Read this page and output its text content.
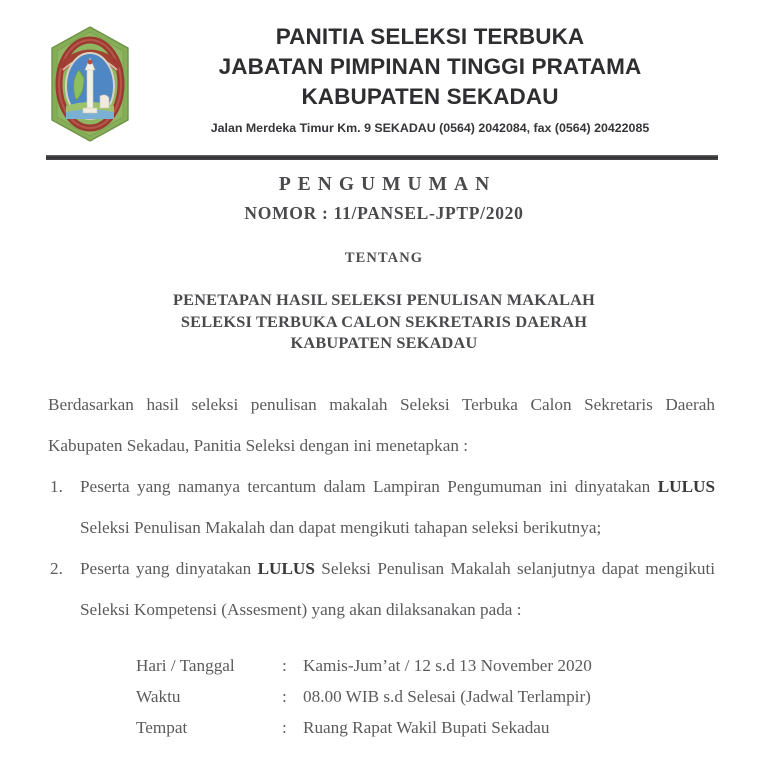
PANITIA SELEKSI TERBUKA
JABATAN PIMPINAN TINGGI PRATAMA
KABUPATEN SEKADAU
Jalan Merdeka Timur Km. 9 SEKADAU (0564) 2042084, fax (0564) 20422085
PENGUMUMAN
NOMOR : 11/PANSEL-JPTP/2020
TENTANG
PENETAPAN HASIL SELEKSI PENULISAN MAKALAH
SELEKSI TERBUKA CALON SEKRETARIS DAERAH
KABUPATEN SEKADAU
Berdasarkan hasil seleksi penulisan makalah Seleksi Terbuka Calon Sekretaris Daerah Kabupaten Sekadau, Panitia Seleksi dengan ini menetapkan :
1. Peserta yang namanya tercantum dalam Lampiran Pengumuman ini dinyatakan LULUS Seleksi Penulisan Makalah dan dapat mengikuti tahapan seleksi berikutnya;
2. Peserta yang dinyatakan LULUS Seleksi Penulisan Makalah selanjutnya dapat mengikuti Seleksi Kompetensi (Assesment) yang akan dilaksanakan pada :
Hari / Tanggal	: Kamis-Jum’at / 12 s.d 13 November 2020
Waktu	: 08.00 WIB s.d Selesai (Jadwal Terlampir)
Tempat	: Ruang Rapat Wakil Bupati Sekadau
